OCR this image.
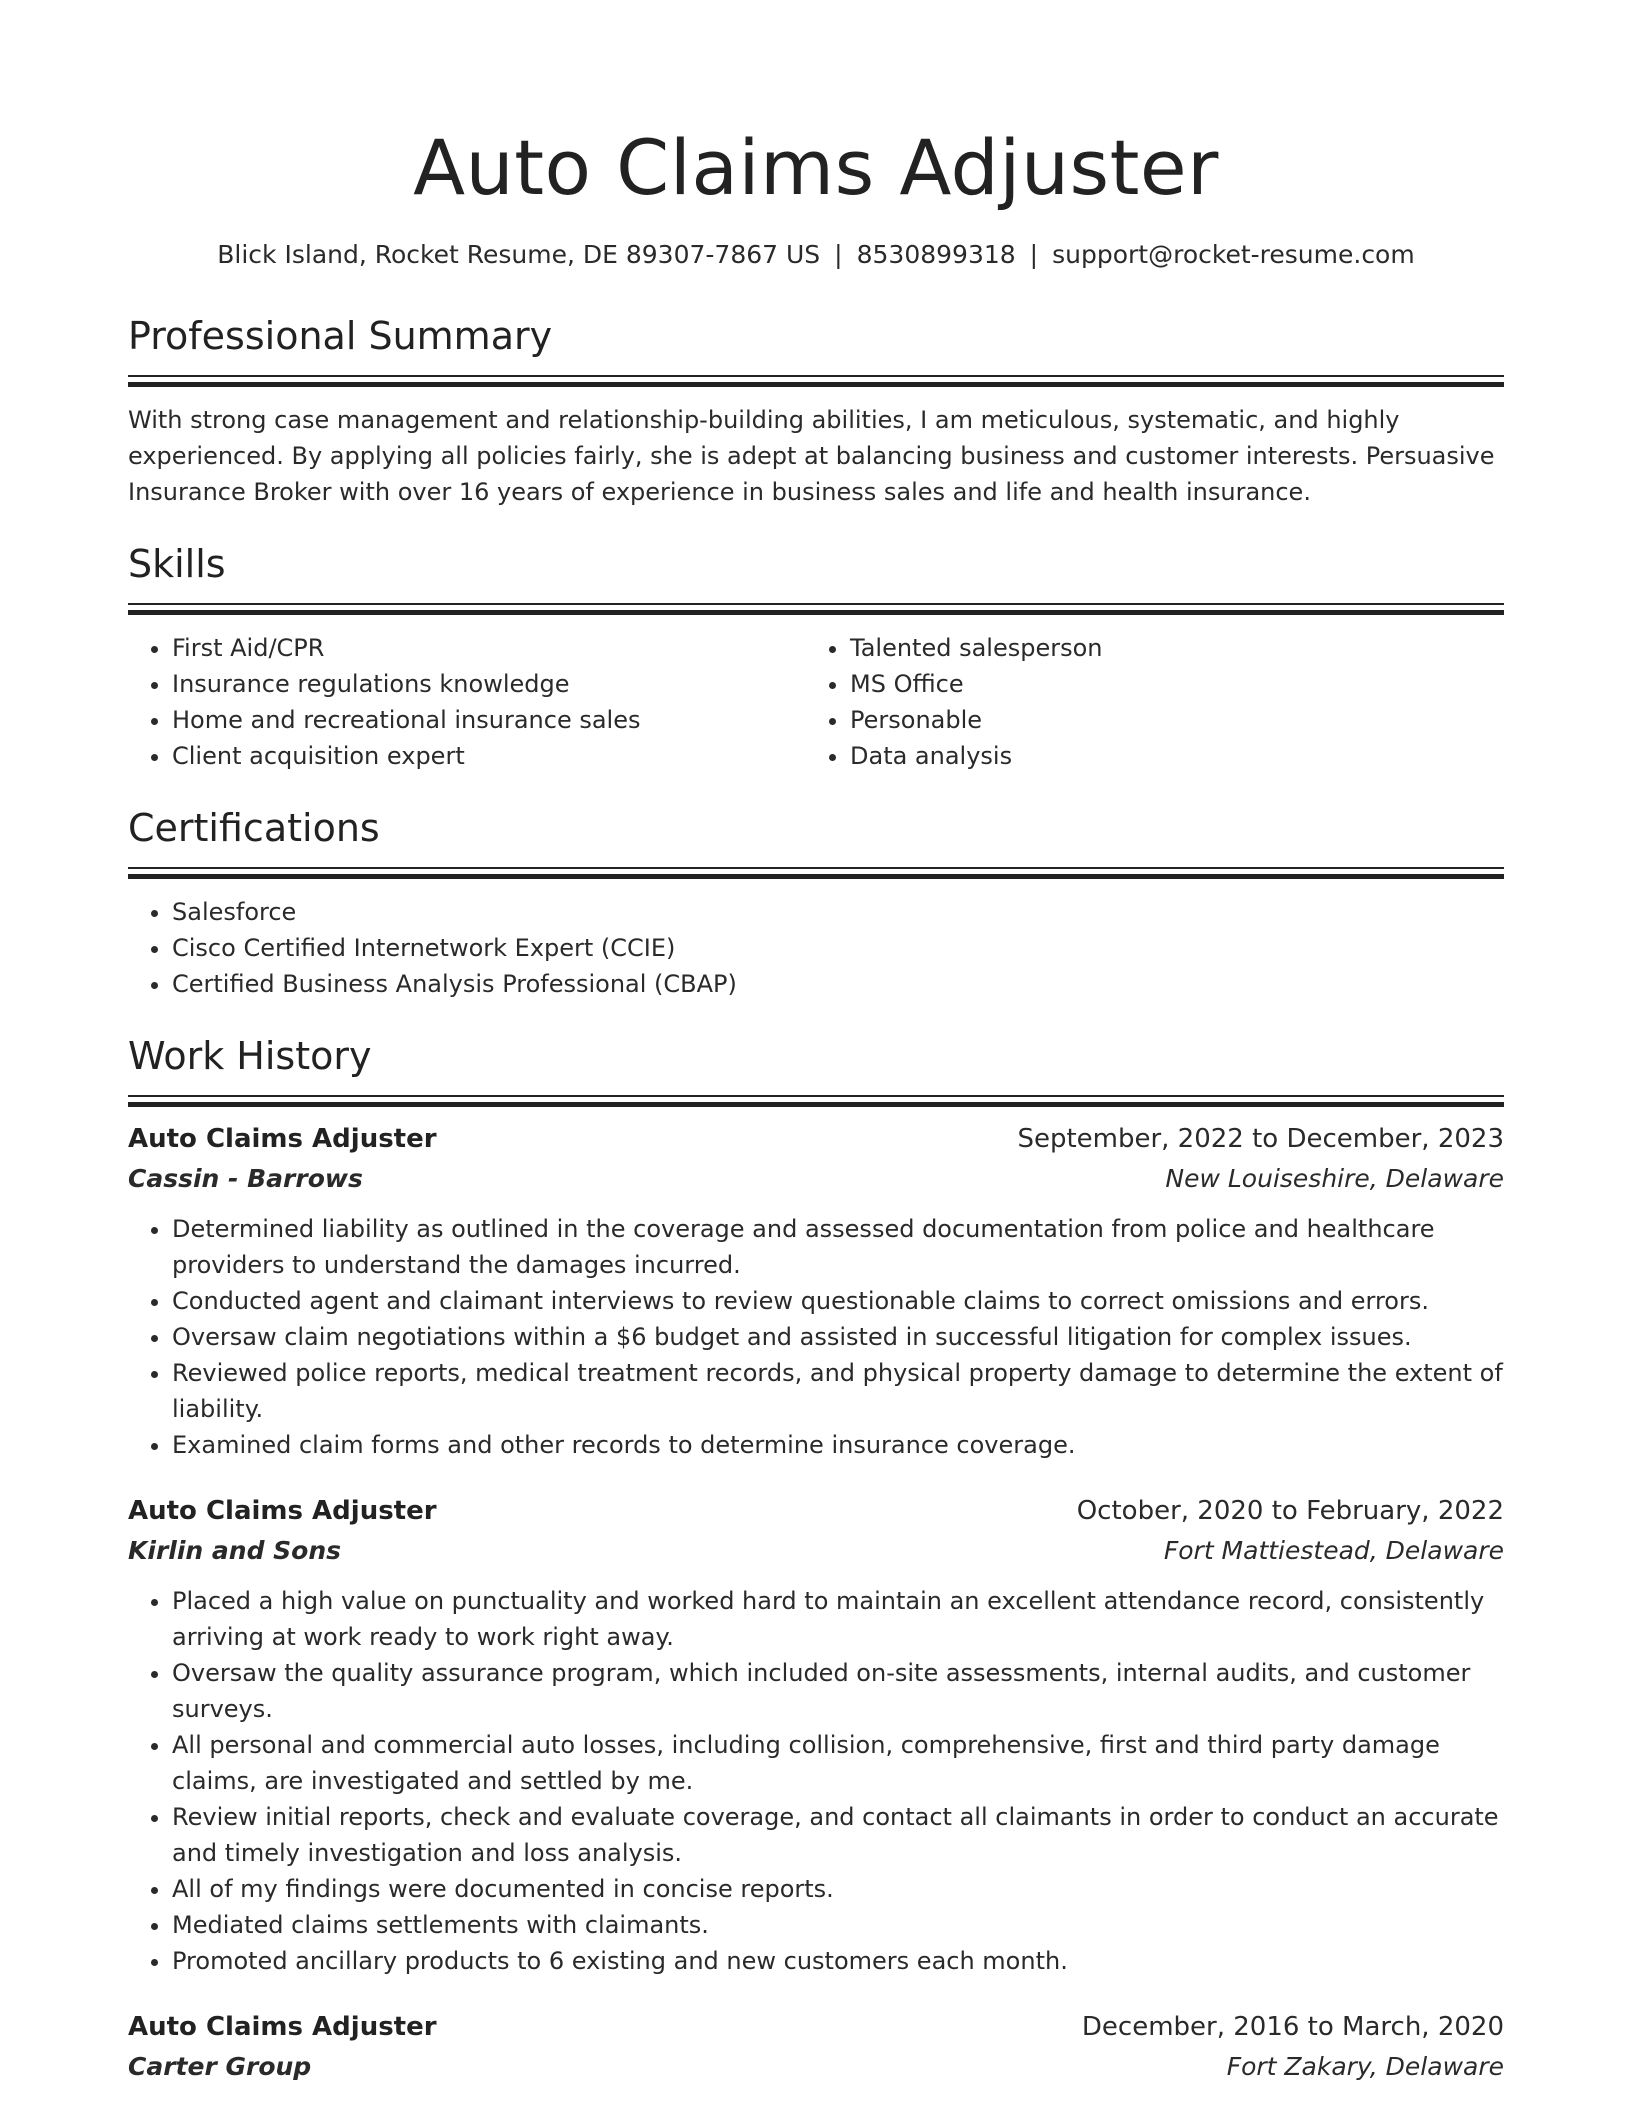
Auto Claims Adjuster
Blick Island, Rocket Resume, DE 89307-7867 US | 8530899318 | support@rocket-resume.com
Professional Summary
With strong case management and relationship-building abilities, I am meticulous, systematic, and highly experienced. By applying all policies fairly, she is adept at balancing business and customer interests. Persuasive Insurance Broker with over 16 years of experience in business sales and life and health insurance.
Skills
• First Aid/CPR
• Insurance regulations knowledge
• Home and recreational insurance sales
• Client acquisition expert
• Talented salesperson
• MS Office
• Personable
• Data analysis
Certifications
• Salesforce
• Cisco Certified Internetwork Expert (CCIE)
• Certified Business Analysis Professional (CBAP)
Work History
Auto Claims Adjuster	September, 2022 to December, 2023
Cassin - Barrows	New Louiseshire, Delaware
• Determined liability as outlined in the coverage and assessed documentation from police and healthcare providers to understand the damages incurred.
• Conducted agent and claimant interviews to review questionable claims to correct omissions and errors.
• Oversaw claim negotiations within a $6 budget and assisted in successful litigation for complex issues.
• Reviewed police reports, medical treatment records, and physical property damage to determine the extent of liability.
• Examined claim forms and other records to determine insurance coverage.
Auto Claims Adjuster	October, 2020 to February, 2022
Kirlin and Sons	Fort Mattiestead, Delaware
• Placed a high value on punctuality and worked hard to maintain an excellent attendance record, consistently arriving at work ready to work right away.
• Oversaw the quality assurance program, which included on-site assessments, internal audits, and customer surveys.
• All personal and commercial auto losses, including collision, comprehensive, first and third party damage claims, are investigated and settled by me.
• Review initial reports, check and evaluate coverage, and contact all claimants in order to conduct an accurate and timely investigation and loss analysis.
• All of my findings were documented in concise reports.
• Mediated claims settlements with claimants.
• Promoted ancillary products to 6 existing and new customers each month.
Auto Claims Adjuster	December, 2016 to March, 2020
Carter Group	Fort Zakary, Delaware
